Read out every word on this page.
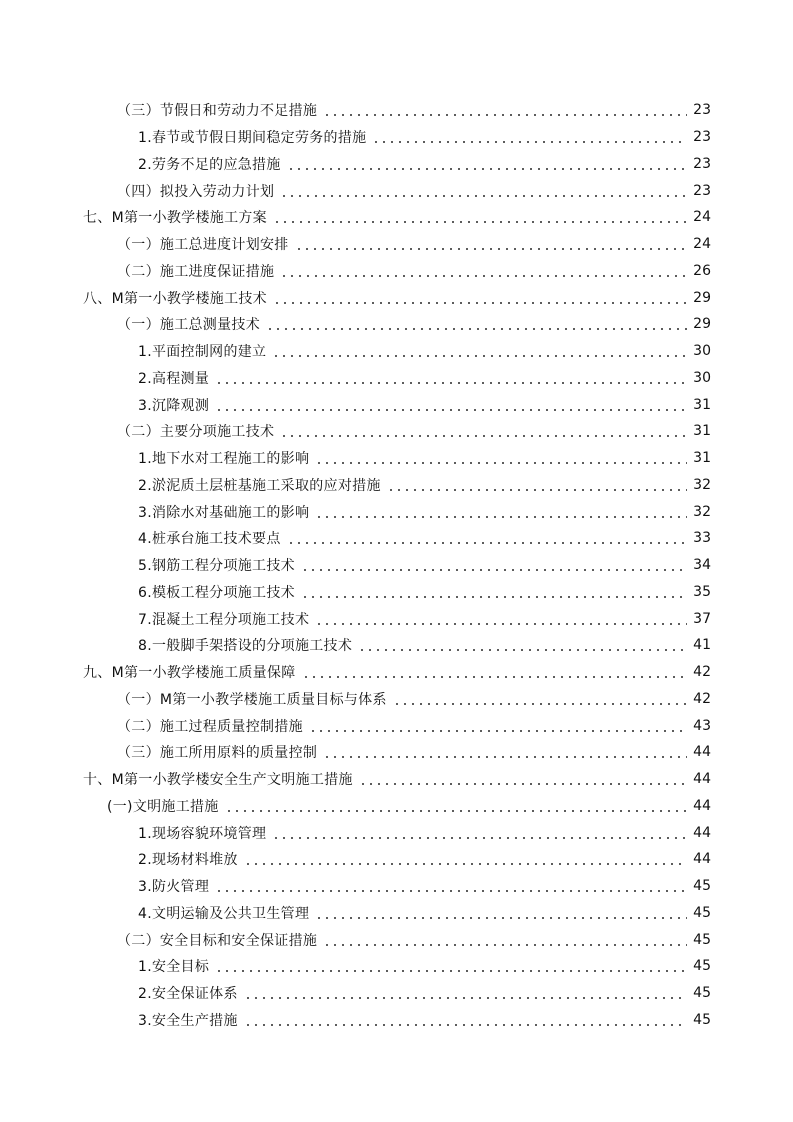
（三）节假日和劳动力不足措施	23
1.春节或节假日期间稳定劳务的措施	23
2.劳务不足的应急措施	23
（四）拟投入劳动力计划	23
七、M第一小教学楼施工方案	24
（一）施工总进度计划安排	24
（二）施工进度保证措施	26
八、M第一小教学楼施工技术	29
（一）施工总测量技术	29
1.平面控制网的建立	30
2.高程测量	30
3.沉降观测	31
（二）主要分项施工技术	31
1.地下水对工程施工的影响	31
2.淤泥质土层桩基施工采取的应对措施	32
3.消除水对基础施工的影响	32
4.桩承台施工技术要点	33
5.钢筋工程分项施工技术	34
6.模板工程分项施工技术	35
7.混凝土工程分项施工技术	37
8.一般脚手架搭设的分项施工技术	41
九、M第一小教学楼施工质量保障	42
（一）M第一小教学楼施工质量目标与体系	42
（二）施工过程质量控制措施	43
（三）施工所用原料的质量控制	44
十、M第一小教学楼安全生产文明施工措施	44
(一)文明施工措施	44
1.现场容貌环境管理	44
2.现场材料堆放	44
3.防火管理	45
4.文明运输及公共卫生管理	45
（二）安全目标和安全保证措施	45
1.安全目标	45
2.安全保证体系	45
3.安全生产措施	45
